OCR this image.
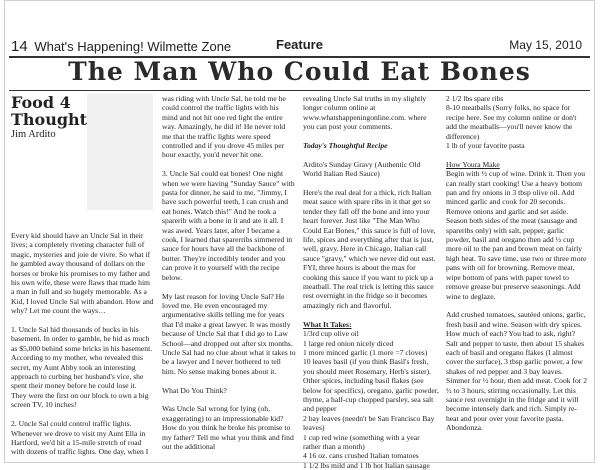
14 What's Happening! Wilmette Zone	Feature	May 15, 2010
The Man Who Could Eat Bones
Food 4
Thought
Jim Ardito

Every kid should have an Uncle Sal in their lives; a completely riveting character full of magic, mysteries and joie de vivre. So what if he gambled away thousand of dollars on the horses or broke his promises to my father and his own wife, these were flaws that made him a man in full and so hugely memorable. As a Kid, I loved Uncle Sal with abandon. How and why? Let me count the ways…

1. Uncle Sal hid thousands of bucks in his basement. In order to gamble, he hid as much as $5,000 behind some bricks in his basement. According to my mother, who revealed this secret, my Aunt Abby took an interesting approach to curbing her husband's vice, she spent their money before he could lose it. They were the first on our block to own a big screen TV, 10 inches!

2. Uncle Sal could control traffic lights. Whenever we drove to visit my Aunt Ella in Hartford, we'd hit a 15-mile stretch of road with dozens of traffic lights. One day, when I

was riding with Uncle Sal, he told me he could control the traffic lights with his mind and not hit one red light the entire way. Amazingly, he did it! He never told me that the traffic lights were speed controlled and if you drove 45 miles per hour exactly, you'd never hit one.

3. Uncle Sal could eat bones! One night when we were having "Sunday Sauce" with pasta for dinner, he said to me, "Jimmy, I have such powerful teeth, I can crush and eat bones. Watch this!" And he took a sparerib with a bone in it and ate it all. I was awed. Years later, after I became a cook, I learned that sparerribs simmered in sauce for hours have all the backbone of butter. They're incredibly tender and you can prove it to yourself with the recipe below.

My last reason for loving Uncle Sal? He loved me. He even encouraged my argumentative skills telling me for years that I'd make a great lawyer. It was mostly because of Uncle Sal that I did go to Law School—and dropped out after six months. Uncle Sal had no clue about what it takes to be a lawyer and I never bothered to tell him. No sense making bones about it.

What Do You Think?

Was Uncle Sal wrong for lying (oh, exaggerating) to an impressionable kid? How do you think he broke his promise to my father? Tell me what you think and find out the additional

revealing Uncle Sal truths in my slightly longer column online at www.whatshappeningonline.com. where you can post your comments.

Today's Thoughtful Recipe

Ardito's Sunday Gravy (Authentic Old World Italian Red Sauce)

Here's the real deal for a thick, rich Italian meat sauce with spare ribs in it that get so tender they fall off the bone and into your heart forever. Just like "The Man Who Could Eat Bones," this sauce is full of love, life, spices and everything after that is just, well, gravy. Here in Chicago, Italian call sauce "gravy," which we never did out east. FYI, three hours is about the max for cooking this sauce if you want to pick up a meatball. The real trick is letting this sauce rest overnight in the fridge so it becomes amazingly rich and flavorful.

What It Takes:
1/3rd cup olive oil
1 large red onion nicely diced
1 more minced garlic (1 more =7 cloves)
10 leaves basil (if you think Basil's fresh, you should meet Rosemary, Herb's sister).
Other spices, including basil flakes (see below for specifics), oregano, garlic powder, thyme, a half-cup chopped parsley, sea salt and pepper
2 bay leaves (needn't be San Francisco Bay leaves)
1 cup red wine (something with a year rather than a month)
4 16 oz. cans crushed Italian tomatoes
1 1/2 lbs mild and 1 lb hot Italian sausage
2 1/2 lbs spare ribs
8-10 meatballs (Sorry folks, no space for recipe here. See my column online or don't add the meatballs—you'll never know the difference)
1 lb of your favorite pasta
How Youra Make

Begin with ½ cup of wine. Drink it. Then you can really start cooking! Use a heavy bottom pan and fry onions in 3 tbsp olive oil. Add minced garlic and cook for 20 seconds. Remove onions and garlic and set aside. Season both sides of the meat (sausage and spareribs only) with salt, pepper, garlic powder, basil and oregano then add ½ cup more oil to the pan and brown meat on fairly high heat. To save time, use two or three more pans with oil for browning. Remove meat, wipe bottom of pans with paper towel to remove grease but preserve seasonings. Add wine to deglaze.

Add crushed tomatoes, sautéed onions, garlic, fresh basil and wine. Season with dry spices. How much of each? You had to ask, right? Salt and pepper to taste, then about 15 shakes each of basil and oregano flakes (I almost cover the surface), 3 tbsp garlic power, a few shakes of red pepper and 3 bay leaves. Simmer for ½ hour, then add meat. Cook for 2 ½ to 3 hours, stirring occasionally. Let this sauce rest overnight in the fridge and it will become intensely dark and rich. Simply re-heat and pour over your favorite pasta. Abondonza.
